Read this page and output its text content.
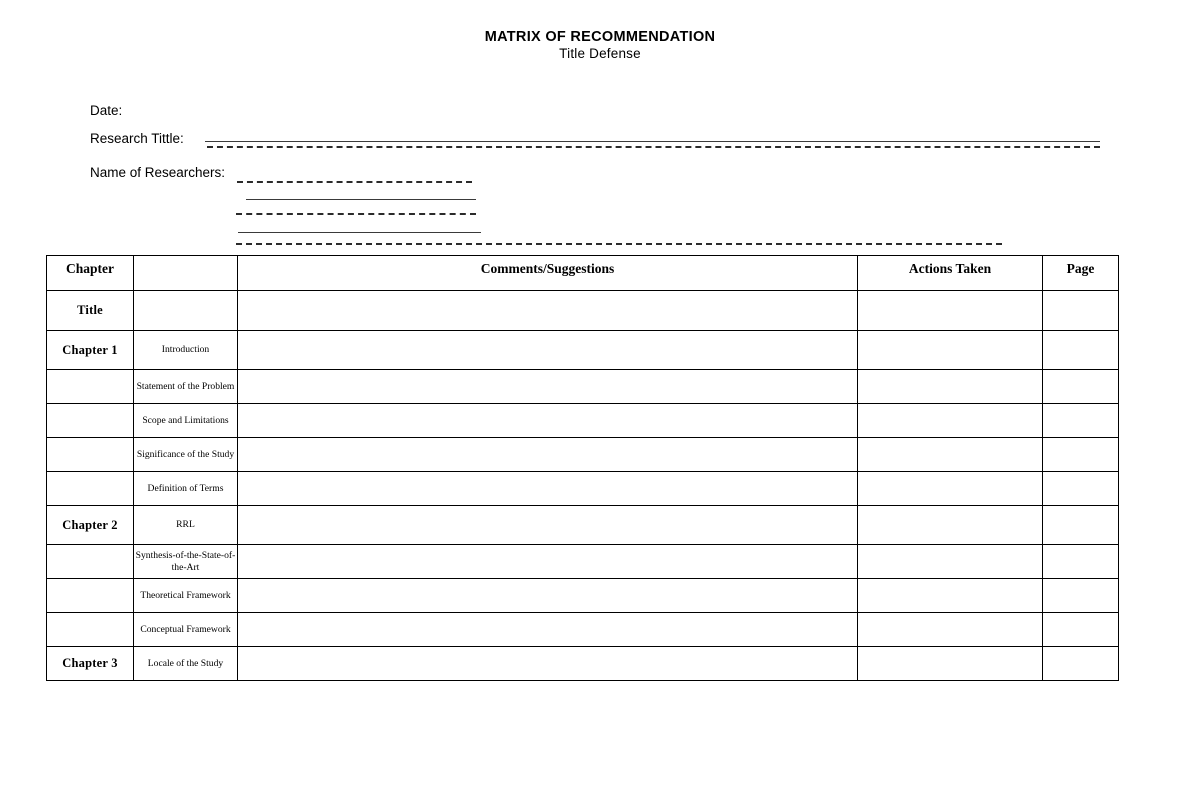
MATRIX OF RECOMMENDATION
Title Defense
Date:
Research Tittle:
Name of Researchers:
Chapter		Comments/Suggestions	Actions Taken	Page
Title				
Chapter 1	Introduction			
	Statement of the Problem			
	Scope and Limitations			
	Significance of the Study			
	Definition of Terms			
Chapter 2	RRL			
	Synthesis-of-the-State-of-the-Art			
	Theoretical Framework			
	Conceptual Framework			
Chapter 3	Locale of the Study			
